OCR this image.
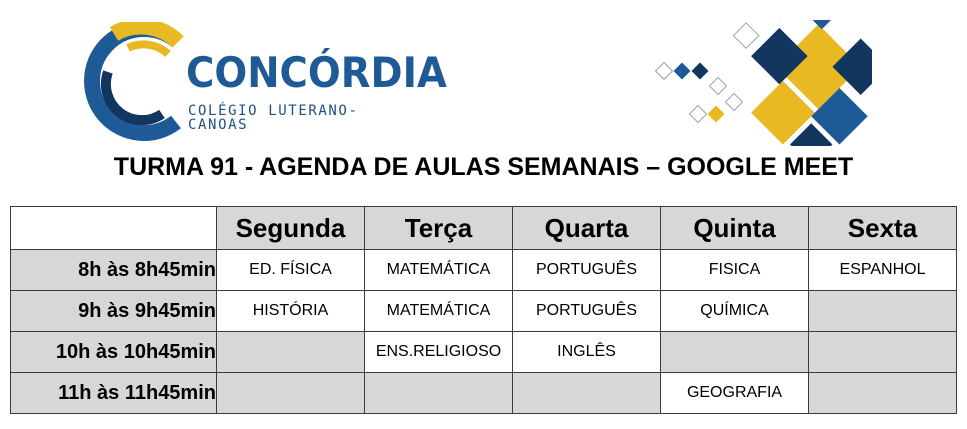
CONCÓRDIA
COLÉGIO LUTERANO-CANOAS
TURMA 91 - AGENDA DE AULAS SEMANAIS – GOOGLE MEET
	Segunda	Terça	Quarta	Quinta	Sexta
8h às 8h45min	ED. FÍSICA	MATEMÁTICA	PORTUGUÊS	FISICA	ESPANHOL
9h às 9h45min	HISTÓRIA	MATEMÁTICA	PORTUGUÊS	QUÍMICA	
10h às 10h45min		ENS.RELIGIOSO	INGLÊS		
11h às 11h45min				GEOGRAFIA	
